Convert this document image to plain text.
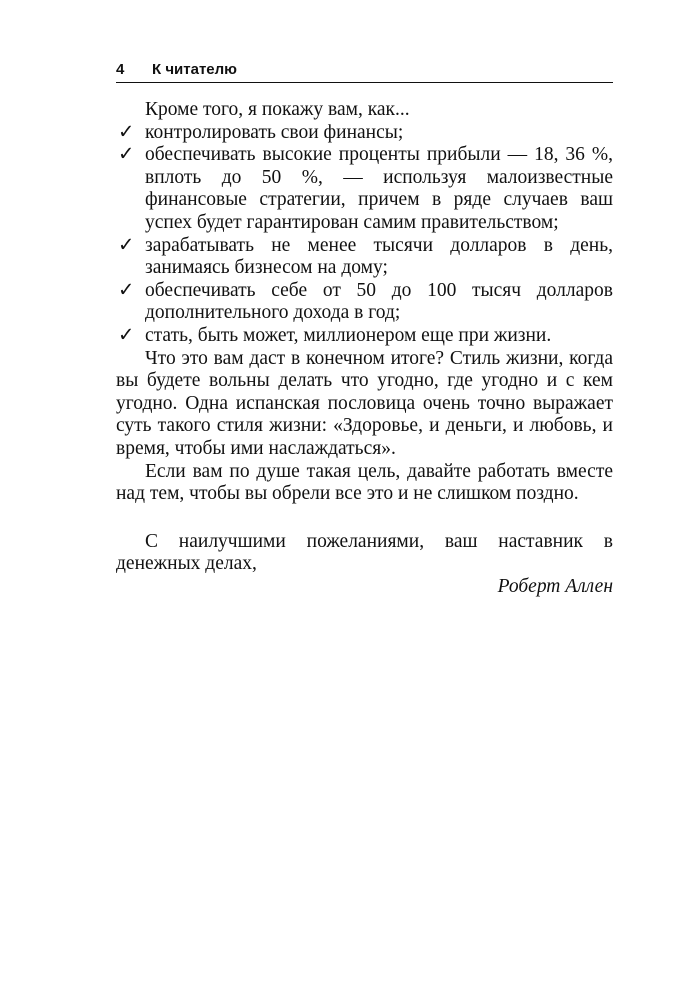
4 К читателю

Кроме того, я покажу вам, как...

✓ контролировать свои финансы;
✓ обеспечивать высокие проценты прибыли — 18, 36 %, вплоть до 50 %, — используя малоизвестные финансовые стратегии, причем в ряде случаев ваш успех будет гарантирован самим правительством;
✓ зарабатывать не менее тысячи долларов в день, занимаясь бизнесом на дому;
✓ обеспечивать себе от 50 до 100 тысяч долларов дополнительного дохода в год;
✓ стать, быть может, миллионером еще при жизни.

Что это вам даст в конечном итоге? Стиль жизни, когда вы будете вольны делать что угодно, где угодно и с кем угодно. Одна испанская пословица очень точно выражает суть такого стиля жизни: «Здоровье, и деньги, и любовь, и время, чтобы ими наслаждаться».

Если вам по душе такая цель, давайте работать вместе над тем, чтобы вы обрели все это и не слишком поздно.

С наилучшими пожеланиями, ваш наставник в денежных делах,

Роберт Аллен
